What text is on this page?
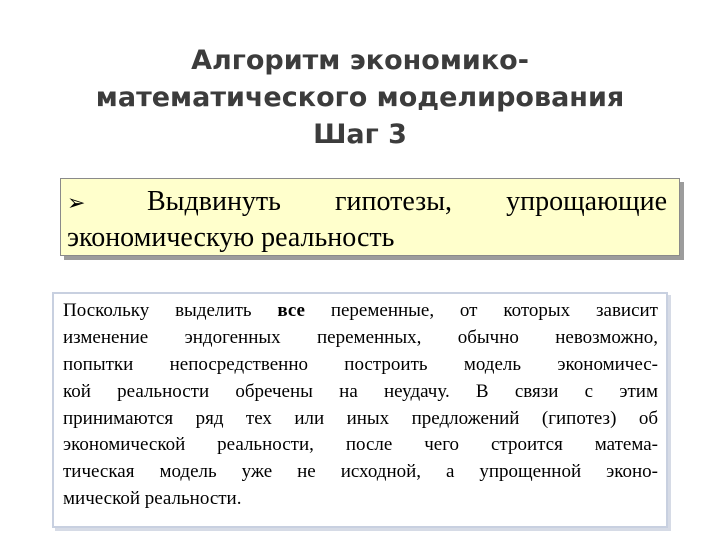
Алгоритм экономико-
математического моделирования
Шаг 3
➢	Выдвинуть гипотезы, упрощающие
экономическую реальность
Поскольку выделить все переменные, от которых зависит
изменение эндогенных переменных, обычно невозможно,
попытки непосредственно построить модель экономичес-
кой реальности обречены на неудачу. В связи с этим
принимаются ряд тех или иных предложений (гипотез) об
экономической реальности, после чего строится матема-
тическая модель уже не исходной, а упрощенной эконо-
мической реальности.
